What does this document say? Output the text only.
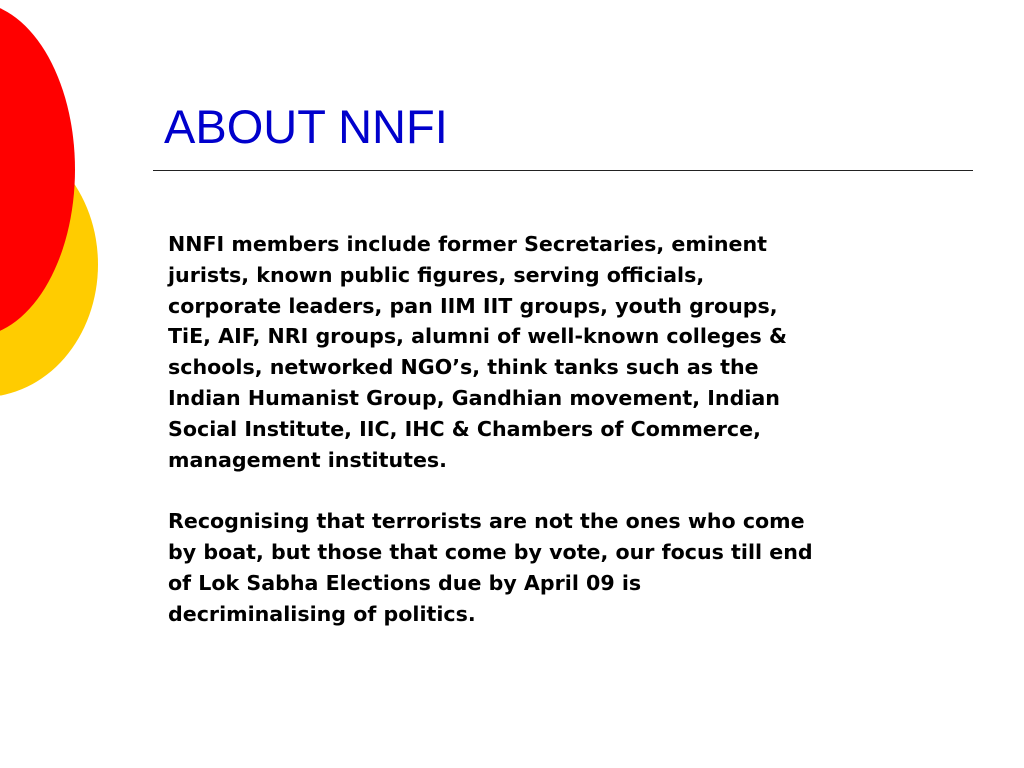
ABOUT NNFI

NNFI members include former Secretaries, eminent
jurists, known public figures, serving officials,
corporate leaders, pan IIM IIT groups, youth groups,
TiE, AIF, NRI groups, alumni of well-known colleges &
schools, networked NGO’s, think tanks such as the
Indian Humanist Group, Gandhian movement, Indian
Social Institute, IIC, IHC & Chambers of Commerce,
management institutes.

Recognising that terrorists are not the ones who come
by boat, but those that come by vote, our focus till end
of Lok Sabha Elections due by April 09 is
decriminalising of politics.
